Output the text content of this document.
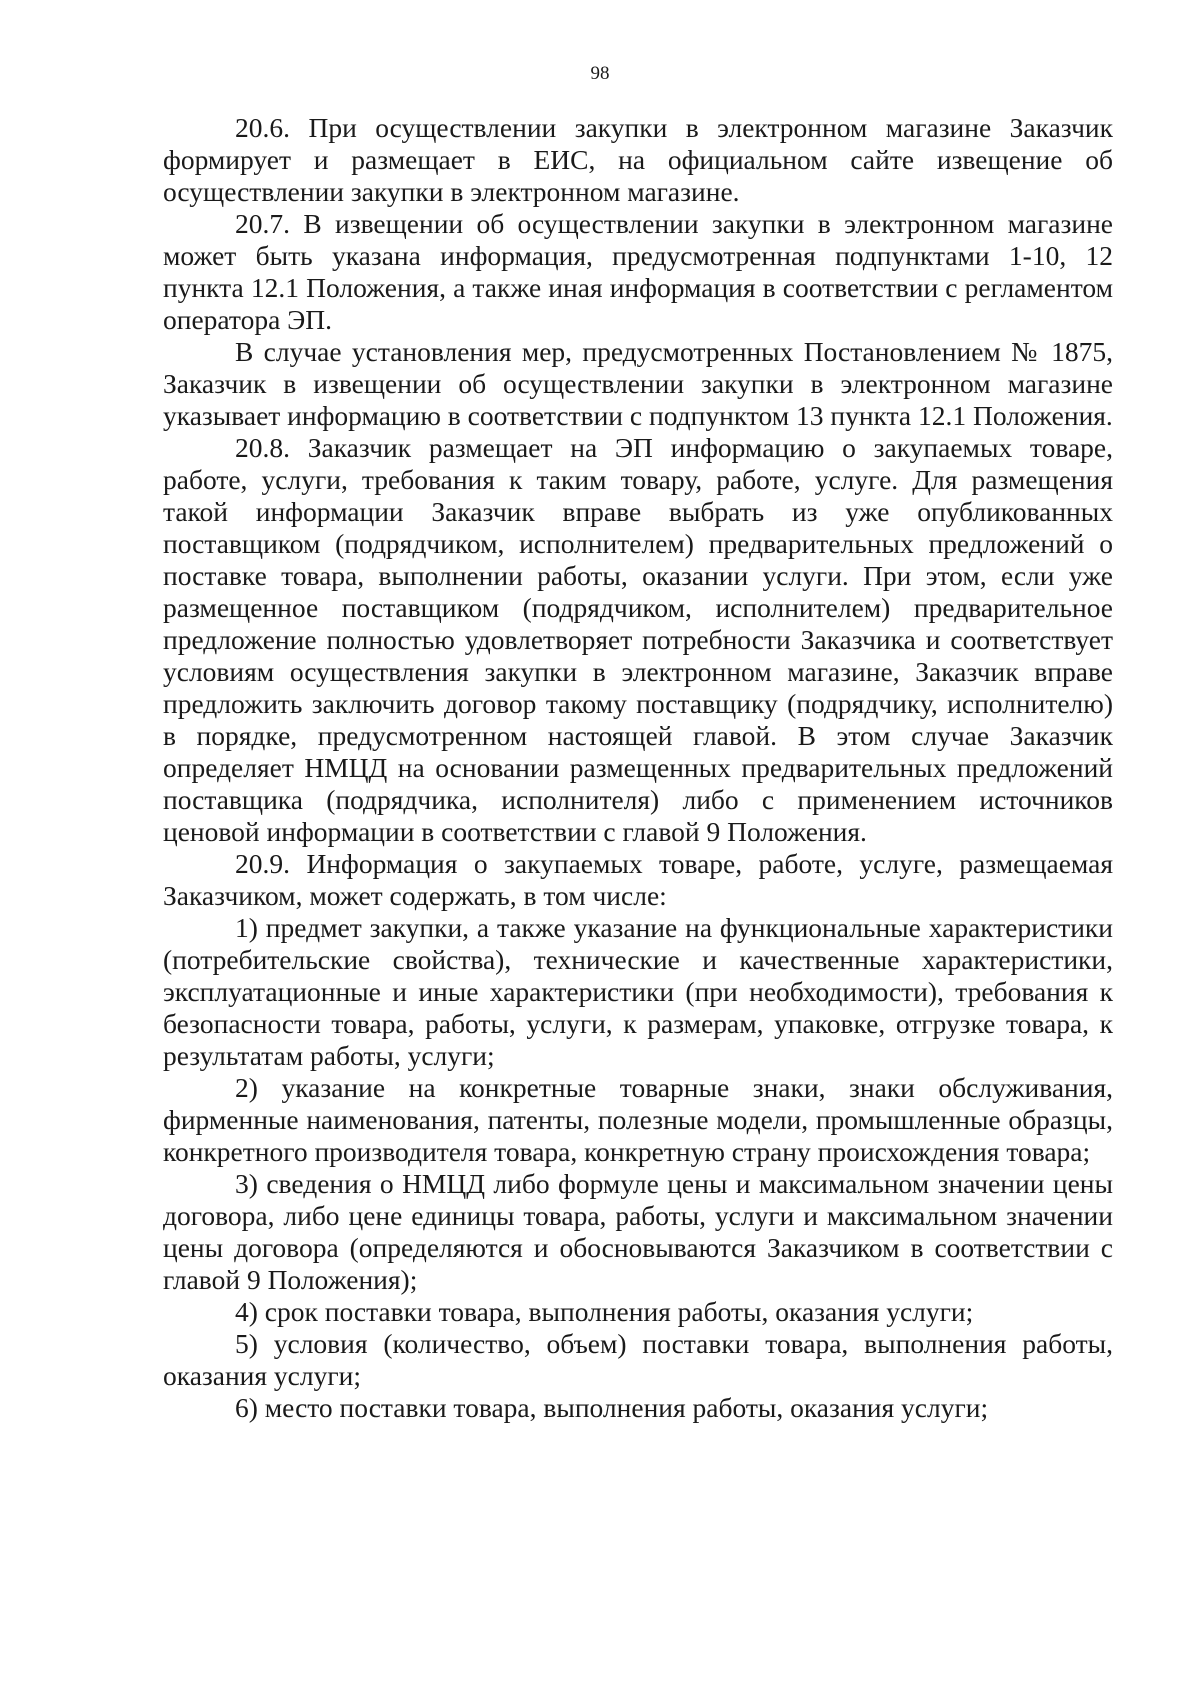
98

20.6. При осуществлении закупки в электронном магазине Заказчик формирует и размещает в ЕИС, на официальном сайте извещение об осуществлении закупки в электронном магазине.

20.7. В извещении об осуществлении закупки в электронном магазине может быть указана информация, предусмотренная подпунктами 1-10, 12 пункта 12.1 Положения, а также иная информация в соответствии с регламентом оператора ЭП.

В случае установления мер, предусмотренных Постановлением № 1875, Заказчик в извещении об осуществлении закупки в электронном магазине указывает информацию в соответствии с подпунктом 13 пункта 12.1 Положения.

20.8. Заказчик размещает на ЭП информацию о закупаемых товаре, работе, услуги, требования к таким товару, работе, услуге. Для размещения такой информации Заказчик вправе выбрать из уже опубликованных поставщиком (подрядчиком, исполнителем) предварительных предложений о поставке товара, выполнении работы, оказании услуги. При этом, если уже размещенное поставщиком (подрядчиком, исполнителем) предварительное предложение полностью удовлетворяет потребности Заказчика и соответствует условиям осуществления закупки в электронном магазине, Заказчик вправе предложить заключить договор такому поставщику (подрядчику, исполнителю) в порядке, предусмотренном настоящей главой. В этом случае Заказчик определяет НМЦД на основании размещенных предварительных предложений поставщика (подрядчика, исполнителя) либо с применением источников ценовой информации в соответствии с главой 9 Положения.

20.9. Информация о закупаемых товаре, работе, услуге, размещаемая Заказчиком, может содержать, в том числе:

1) предмет закупки, а также указание на функциональные характеристики (потребительские свойства), технические и качественные характеристики, эксплуатационные и иные характеристики (при необходимости), требования к безопасности товара, работы, услуги, к размерам, упаковке, отгрузке товара, к результатам работы, услуги;

2) указание на конкретные товарные знаки, знаки обслуживания, фирменные наименования, патенты, полезные модели, промышленные образцы, конкретного производителя товара, конкретную страну происхождения товара;

3) сведения о НМЦД либо формуле цены и максимальном значении цены договора, либо цене единицы товара, работы, услуги и максимальном значении цены договора (определяются и обосновываются Заказчиком в соответствии с главой 9 Положения);

4) срок поставки товара, выполнения работы, оказания услуги;

5) условия (количество, объем) поставки товара, выполнения работы, оказания услуги;

6) место поставки товара, выполнения работы, оказания услуги;
